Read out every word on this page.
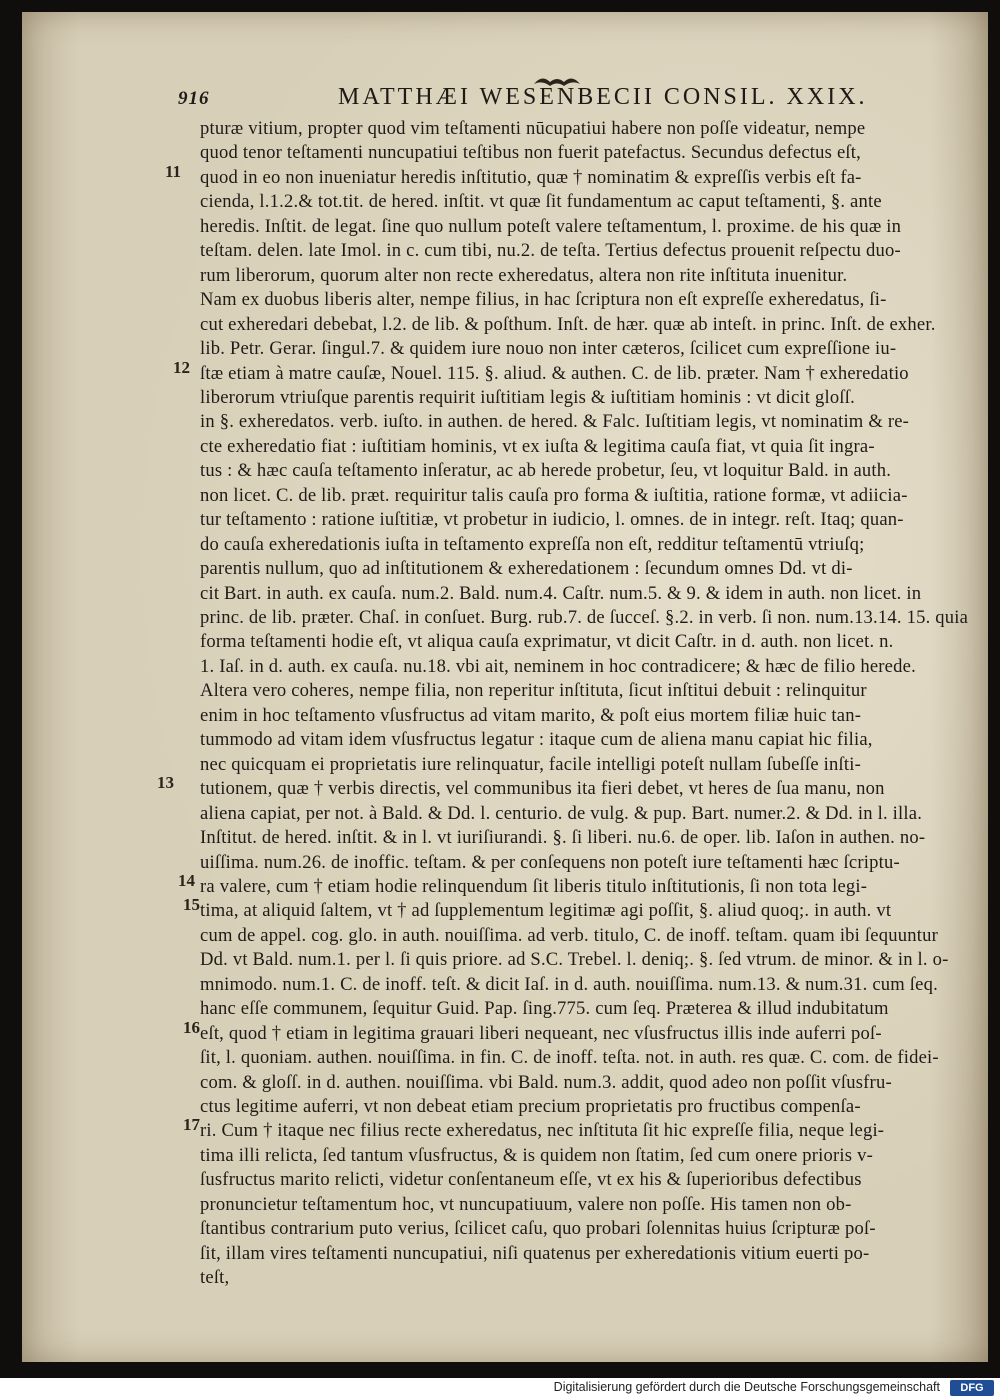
916	MATTHÆI WESENBECII CONSIL. XXIX.
pturæ vitium, propter quod vim teſtamenti nūcupatiui habere non poſſe videatur, nempe
quod tenor teſtamenti nuncupatiui teſtibus non fuerit patefactus. Secundus defectus eſt,
quod in eo non inueniatur heredis inſtitutio, quæ † nominatim & expreſſis verbis eſt fa-
cienda, l.1.2.& tot.tit. de hered. inſtit. vt quæ ſit fundamentum ac caput teſtamenti, §. ante
heredis. Inſtit. de legat. ſine quo nullum poteſt valere teſtamentum, l. proxime. de his quæ in
teſtam. delen. late Imol. in c. cum tibi, nu.2. de teſta. Tertius defectus prouenit reſpectu duo-
rum liberorum, quorum alter non recte exheredatus, altera non rite inſtituta inuenitur.
Nam ex duobus liberis alter, nempe filius, in hac ſcriptura non eſt expreſſe exheredatus, ſi-
cut exheredari debebat, l.2. de lib. & poſthum. Inſt. de hær. quæ ab inteſt. in princ. Inſt. de exher.
lib. Petr. Gerar. ſingul.7. & quidem iure nouo non inter cæteros, ſcilicet cum expreſſione iu-
ſtæ etiam à matre cauſæ, Nouel. 115. §. aliud. & authen. C. de lib. præter. Nam † exheredatio
liberorum vtriuſque parentis requirit iuſtitiam legis & iuſtitiam hominis : vt dicit gloſſ.
in §. exheredatos. verb. iuſto. in authen. de hered. & Falc. Iuſtitiam legis, vt nominatim & re-
cte exheredatio fiat : iuſtitiam hominis, vt ex iuſta & legitima cauſa fiat, vt quia ſit ingra-
tus : & hæc cauſa teſtamento inſeratur, ac ab herede probetur, ſeu, vt loquitur Bald. in auth.
non licet. C. de lib. præt. requiritur talis cauſa pro forma & iuſtitia, ratione formæ, vt adiicia-
tur teſtamento : ratione iuſtitiæ, vt probetur in iudicio, l. omnes. de in integr. reſt. Itaq; quan-
do cauſa exheredationis iuſta in teſtamento expreſſa non eſt, redditur teſtamentū vtriuſq;
parentis nullum, quo ad inſtitutionem & exheredationem : ſecundum omnes Dd. vt di-
cit Bart. in auth. ex cauſa. num.2. Bald. num.4. Caſtr. num.5. & 9. & idem in auth. non licet. in
princ. de lib. præter. Chaſ. in conſuet. Burg. rub.7. de ſucceſ. §.2. in verb. ſi non. num.13.14. 15. quia
forma teſtamenti hodie eſt, vt aliqua cauſa exprimatur, vt dicit Caſtr. in d. auth. non licet. n.
1. Iaſ. in d. auth. ex cauſa. nu.18. vbi ait, neminem in hoc contradicere; & hæc de filio herede.
Altera vero coheres, nempe filia, non reperitur inſtituta, ſicut inſtitui debuit : relinquitur
enim in hoc teſtamento vſusfructus ad vitam marito, & poſt eius mortem filiæ huic tan-
tummodo ad vitam idem vſusfructus legatur : itaque cum de aliena manu capiat hic filia,
nec quicquam ei proprietatis iure relinquatur, facile intelligi poteſt nullam ſubeſſe inſti-
tutionem, quæ † verbis directis, vel communibus ita fieri debet, vt heres de ſua manu, non
aliena capiat, per not. à Bald. & Dd. l. centurio. de vulg. & pup. Bart. numer.2. & Dd. in l. illa.
Inſtitut. de hered. inſtit. & in l. vt iuriſiurandi. §. ſi liberi. nu.6. de oper. lib. Iaſon in authen. no-
uiſſima. num.26. de inoffic. teſtam. & per conſequens non poteſt iure teſtamenti hæc ſcriptu-
ra valere, cum † etiam hodie relinquendum ſit liberis titulo inſtitutionis, ſi non tota legi-
tima, at aliquid ſaltem, vt † ad ſupplementum legitimæ agi poſſit, §. aliud quoq;. in auth. vt
cum de appel. cog. glo. in auth. nouiſſima. ad verb. titulo, C. de inoff. teſtam. quam ibi ſequuntur
Dd. vt Bald. num.1. per l. ſi quis priore. ad S.C. Trebel. l. deniq;. §. ſed vtrum. de minor. & in l. o-
mnimodo. num.1. C. de inoff. teſt. & dicit Iaſ. in d. auth. nouiſſima. num.13. & num.31. cum ſeq.
hanc eſſe communem, ſequitur Guid. Pap. ſing.775. cum ſeq. Præterea & illud indubitatum
eſt, quod † etiam in legitima grauari liberi nequeant, nec vſusfructus illis inde auferri poſ-
ſit, l. quoniam. authen. nouiſſima. in fin. C. de inoff. teſta. not. in auth. res quæ. C. com. de fidei-
com. & gloſſ. in d. authen. nouiſſima. vbi Bald. num.3. addit, quod adeo non poſſit vſusfru-
ctus legitime auferri, vt non debeat etiam precium proprietatis pro fructibus compenſa-
ri. Cum † itaque nec filius recte exheredatus, nec inſtituta ſit hic expreſſe filia, neque legi-
tima illi relicta, ſed tantum vſusfructus, & is quidem non ſtatim, ſed cum onere prioris v-
ſusfructus marito relicti, videtur conſentaneum eſſe, vt ex his & ſuperioribus defectibus
pronuncietur teſtamentum hoc, vt nuncupatiuum, valere non poſſe. His tamen non ob-
ſtantibus contrarium puto verius, ſcilicet caſu, quo probari ſolennitas huius ſcripturæ poſ-
ſit, illam vires teſtamenti nuncupatiui, niſi quatenus per exheredationis vitium euerti po-
teſt,
11
12
13
14
15
16
17
Digitalisierung gefördert durch die Deutsche Forschungsgemeinschaft	DFG
